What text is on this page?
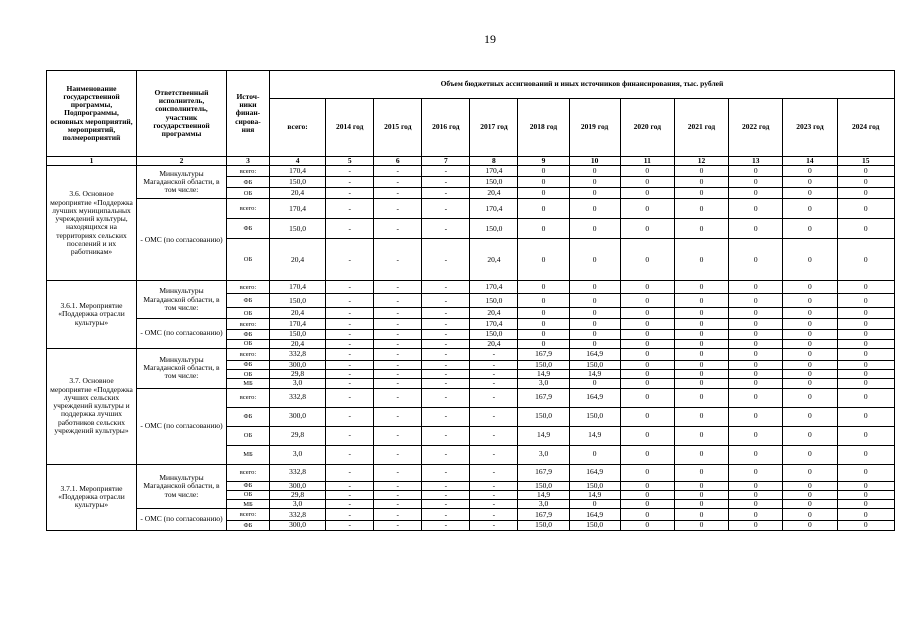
19
Наименование государственной программы, Подпрограммы, основных мероприятий, мероприятий, полмероприятий	Ответственный исполнитель, соисполнитель, участник государственной программы	Источ-ники финан-сирова-ния	Объем бюджетных ассигнований и иных источников финансирования, тыс. рублей											
			всего:	2014 год	2015 год	2016 год	2017 год	2018 год	2019 год	2020 год	2021 год	2022 год	2023 год	2024 год
1	2	3	4	5	6	7	8	9	10	11	12	13	14	15
3.6. Основное мероприятие «Поддержка лучших муниципальных учреждений культуры, находящихся на территориях сельских поселений и их работникам»	Минкультуры Магаданской области, в том числе:	всего:	170,4	-	-	-	170,4	0	0	0	0	0	0	0
		ФБ	150,0	-	-	-	150,0	0	0	0	0	0	0	0
		ОБ	20,4	-	-	-	20,4	0	0	0	0	0	0	0
	- ОМС (по согласованию)	всего:	170,4	-	-	-	170,4	0	0	0	0	0	0	0
		ФБ	150,0	-	-	-	150,0	0	0	0	0	0	0	0
		ОБ	20,4	-	-	-	20,4	0	0	0	0	0	0	0
3.6.1. Мероприятие «Поддержка отрасли культуры»	Минкультуры Магаданской области, в том числе:	всего:	170,4	-	-	-	170,4	0	0	0	0	0	0	0
		ФБ	150,0	-	-	-	150,0	0	0	0	0	0	0	0
		ОБ	20,4	-	-	-	20,4	0	0	0	0	0	0	0
	- ОМС (по согласованию)	всего:	170,4	-	-	-	170,4	0	0	0	0	0	0	0
		ФБ	150,0	-	-	-	150,0	0	0	0	0	0	0	0
		ОБ	20,4	-	-	-	20,4	0	0	0	0	0	0	0
3.7. Основное мероприятие «Поддержка лучших сельских учреждений культуры и поддержка лучших работников сельских учреждений культуры»	Минкультуры Магаданской области, в том числе:	всего:	332,8	-	-	-	-	167,9	164,9	0	0	0	0	0
		ФБ	300,0	-	-	-	-	150,0	150,0	0	0	0	0	0
		ОБ	29,8	-	-	-	-	14,9	14,9	0	0	0	0	0
		МБ	3,0	-	-	-	-	3,0	0	0	0	0	0	0
	- ОМС (по согласованию)	всего:	332,8	-	-	-	-	167,9	164,9	0	0	0	0	0
		ФБ	300,0	-	-	-	-	150,0	150,0	0	0	0	0	0
		ОБ	29,8	-	-	-	-	14,9	14,9	0	0	0	0	0
		МБ	3,0	-	-	-	-	3,0	0	0	0	0	0	0
3.7.1. Мероприятие «Поддержка отрасли культуры»	Минкультуры Магаданской области, в том числе:	всего:	332,8	-	-	-	-	167,9	164,9	0	0	0	0	0
		ФБ	300,0	-	-	-	-	150,0	150,0	0	0	0	0	0
		ОБ	29,8	-	-	-	-	14,9	14,9	0	0	0	0	0
		МБ	3,0	-	-	-	-	3,0	0	0	0	0	0	0
	- ОМС (по согласованию)	всего:	332,8	-	-	-	-	167,9	164,9	0	0	0	0	0
		ФБ	300,0	-	-	-	-	150,0	150,0	0	0	0	0	0
